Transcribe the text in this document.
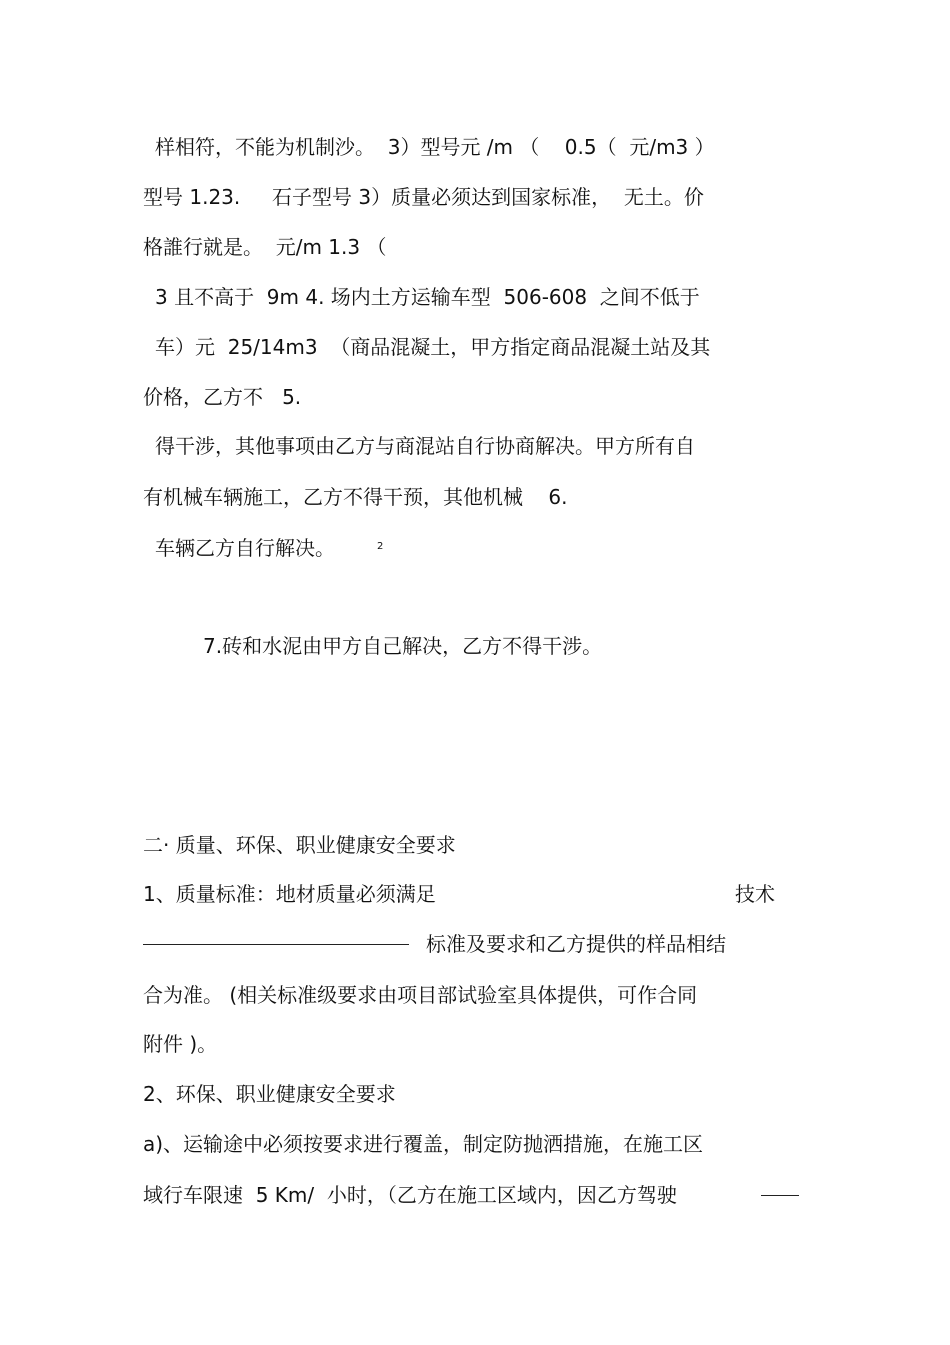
样相符，不能为机制沙。  3）型号元 /m （    0.5（  元/m3 ）
型号 1.23.     石子型号 3）质量必须达到国家标准，  无土。价
格誰行就是。  元/m 1.3 （
3 且不高于  9m 4. 场内土方运输车型  506-608  之间不低于
车）元  25/14m3  （商品混凝土，甲方指定商品混凝土站及其
价格，乙方不   5.
得干涉，其他事项由乙方与商混站自行协商解决。甲方所有自
有机械车辆施工，乙方不得干预，其他机械    6.
车辆乙方自行解决。	2
7.砖和水泥由甲方自己解决，乙方不得干涉。
二· 质量、环保、职业健康安全要求
1、质量标准：地材质量必须满足	技术
标准及要求和乙方提供的样品相结
合为准。 (相关标准级要求由项目部试验室具体提供，可作合同
附件 )。
2、环保、职业健康安全要求
a)、运输途中必须按要求进行覆盖，制定防抛洒措施，在施工区
域行车限速  5 Km/  小时，（乙方在施工区域内，因乙方驾驶
